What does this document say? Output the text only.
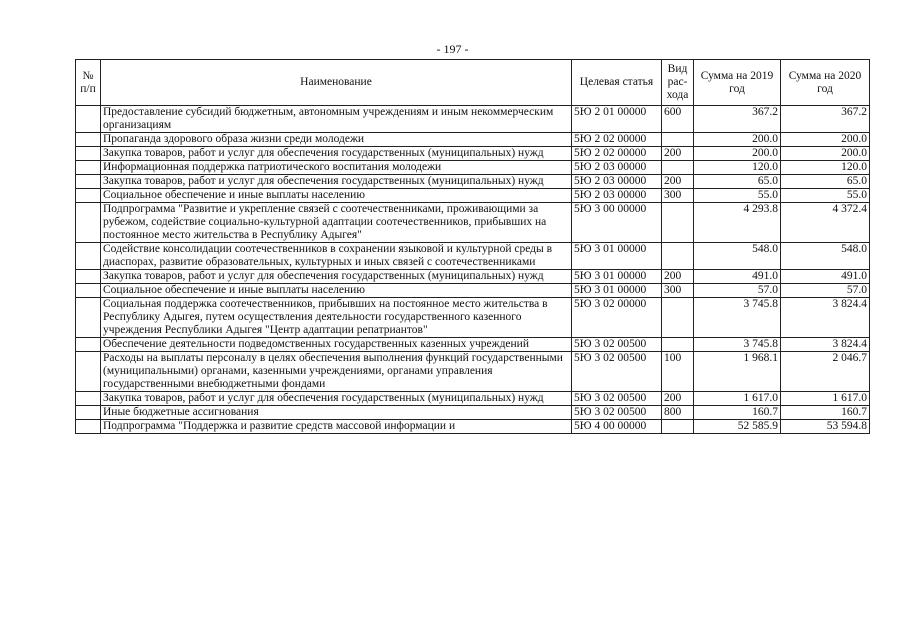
- 197 -
№ п/п	Наименование	Целевая статья	Вид рас-хода	Сумма на 2019 год	Сумма на 2020 год
	Предоставление субсидий бюджетным, автономным учреждениям и иным некоммерческим организациям	5Ю 2 01 00000	600	367.2	367.2
	Пропаганда здорового образа жизни среди молодежи	5Ю 2 02 00000		200.0	200.0
	Закупка товаров, работ и услуг для обеспечения государственных (муниципальных) нужд	5Ю 2 02 00000	200	200.0	200.0
	Информационная поддержка патриотического воспитания молодежи	5Ю 2 03 00000		120.0	120.0
	Закупка товаров, работ и услуг для обеспечения государственных (муниципальных) нужд	5Ю 2 03 00000	200	65.0	65.0
	Социальное обеспечение и иные выплаты населению	5Ю 2 03 00000	300	55.0	55.0
	Подпрограмма "Развитие и укрепление связей с соотечественниками, проживающими за рубежом, содействие социально-культурной адаптации соотечественников, прибывших на постоянное место жительства в Республику Адыгея"	5Ю 3 00 00000		4 293.8	4 372.4
	Содействие консолидации соотечественников в сохранении языковой и культурной среды в диаспорах, развитие образовательных, культурных и иных связей с соотечественниками	5Ю 3 01 00000		548.0	548.0
	Закупка товаров, работ и услуг для обеспечения государственных (муниципальных) нужд	5Ю 3 01 00000	200	491.0	491.0
	Социальное обеспечение и иные выплаты населению	5Ю 3 01 00000	300	57.0	57.0
	Социальная поддержка соотечественников, прибывших на постоянное место жительства в Республику Адыгея, путем осуществления деятельности государственного казенного учреждения Республики Адыгея "Центр адаптации репатриантов"	5Ю 3 02 00000		3 745.8	3 824.4
	Обеспечение деятельности подведомственных государственных казенных учреждений	5Ю 3 02 00500		3 745.8	3 824.4
	Расходы на выплаты персоналу в целях обеспечения выполнения функций государственными (муниципальными) органами, казенными учреждениями, органами управления государственными внебюджетными фондами	5Ю 3 02 00500	100	1 968.1	2 046.7
	Закупка товаров, работ и услуг для обеспечения государственных (муниципальных) нужд	5Ю 3 02 00500	200	1 617.0	1 617.0
	Иные бюджетные ассигнования	5Ю 3 02 00500	800	160.7	160.7
	Подпрограмма "Поддержка и развитие средств массовой информации и	5Ю 4 00 00000		52 585.9	53 594.8
